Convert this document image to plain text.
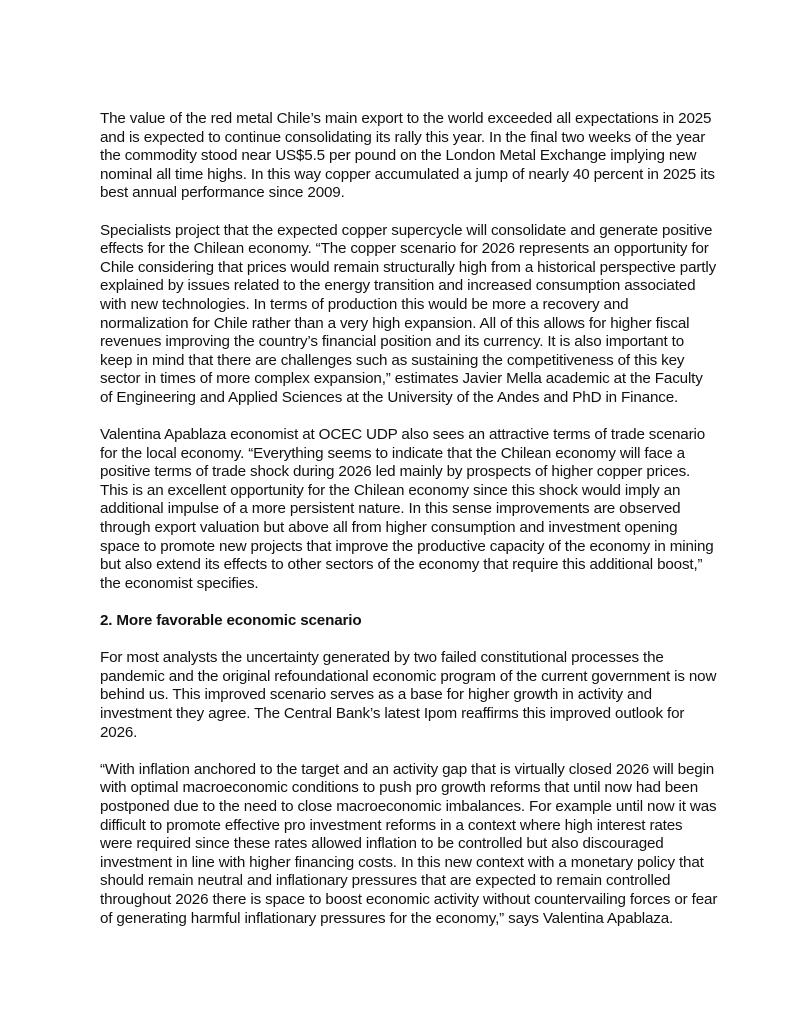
The value of the red metal Chile’s main export to the world exceeded all expectations in 2025 and is expected to continue consolidating its rally this year. In the final two weeks of the year the commodity stood near US$5.5 per pound on the London Metal Exchange implying new nominal all time highs. In this way copper accumulated a jump of nearly 40 percent in 2025 its best annual performance since 2009.

Specialists project that the expected copper supercycle will consolidate and generate positive effects for the Chilean economy. “The copper scenario for 2026 represents an opportunity for Chile considering that prices would remain structurally high from a historical perspective partly explained by issues related to the energy transition and increased consumption associated with new technologies. In terms of production this would be more a recovery and normalization for Chile rather than a very high expansion. All of this allows for higher fiscal revenues improving the country’s financial position and its currency. It is also important to keep in mind that there are challenges such as sustaining the competitiveness of this key sector in times of more complex expansion,” estimates Javier Mella academic at the Faculty of Engineering and Applied Sciences at the University of the Andes and PhD in Finance.

Valentina Apablaza economist at OCEC UDP also sees an attractive terms of trade scenario for the local economy. “Everything seems to indicate that the Chilean economy will face a positive terms of trade shock during 2026 led mainly by prospects of higher copper prices. This is an excellent opportunity for the Chilean economy since this shock would imply an additional impulse of a more persistent nature. In this sense improvements are observed through export valuation but above all from higher consumption and investment opening space to promote new projects that improve the productive capacity of the economy in mining but also extend its effects to other sectors of the economy that require this additional boost,” the economist specifies.

2. More favorable economic scenario

For most analysts the uncertainty generated by two failed constitutional processes the pandemic and the original refoundational economic program of the current government is now behind us. This improved scenario serves as a base for higher growth in activity and investment they agree. The Central Bank’s latest Ipom reaffirms this improved outlook for 2026.

“With inflation anchored to the target and an activity gap that is virtually closed 2026 will begin with optimal macroeconomic conditions to push pro growth reforms that until now had been postponed due to the need to close macroeconomic imbalances. For example until now it was difficult to promote effective pro investment reforms in a context where high interest rates were required since these rates allowed inflation to be controlled but also discouraged investment in line with higher financing costs. In this new context with a monetary policy that should remain neutral and inflationary pressures that are expected to remain controlled throughout 2026 there is space to boost economic activity without countervailing forces or fear of generating harmful inflationary pressures for the economy,” says Valentina Apablaza.
